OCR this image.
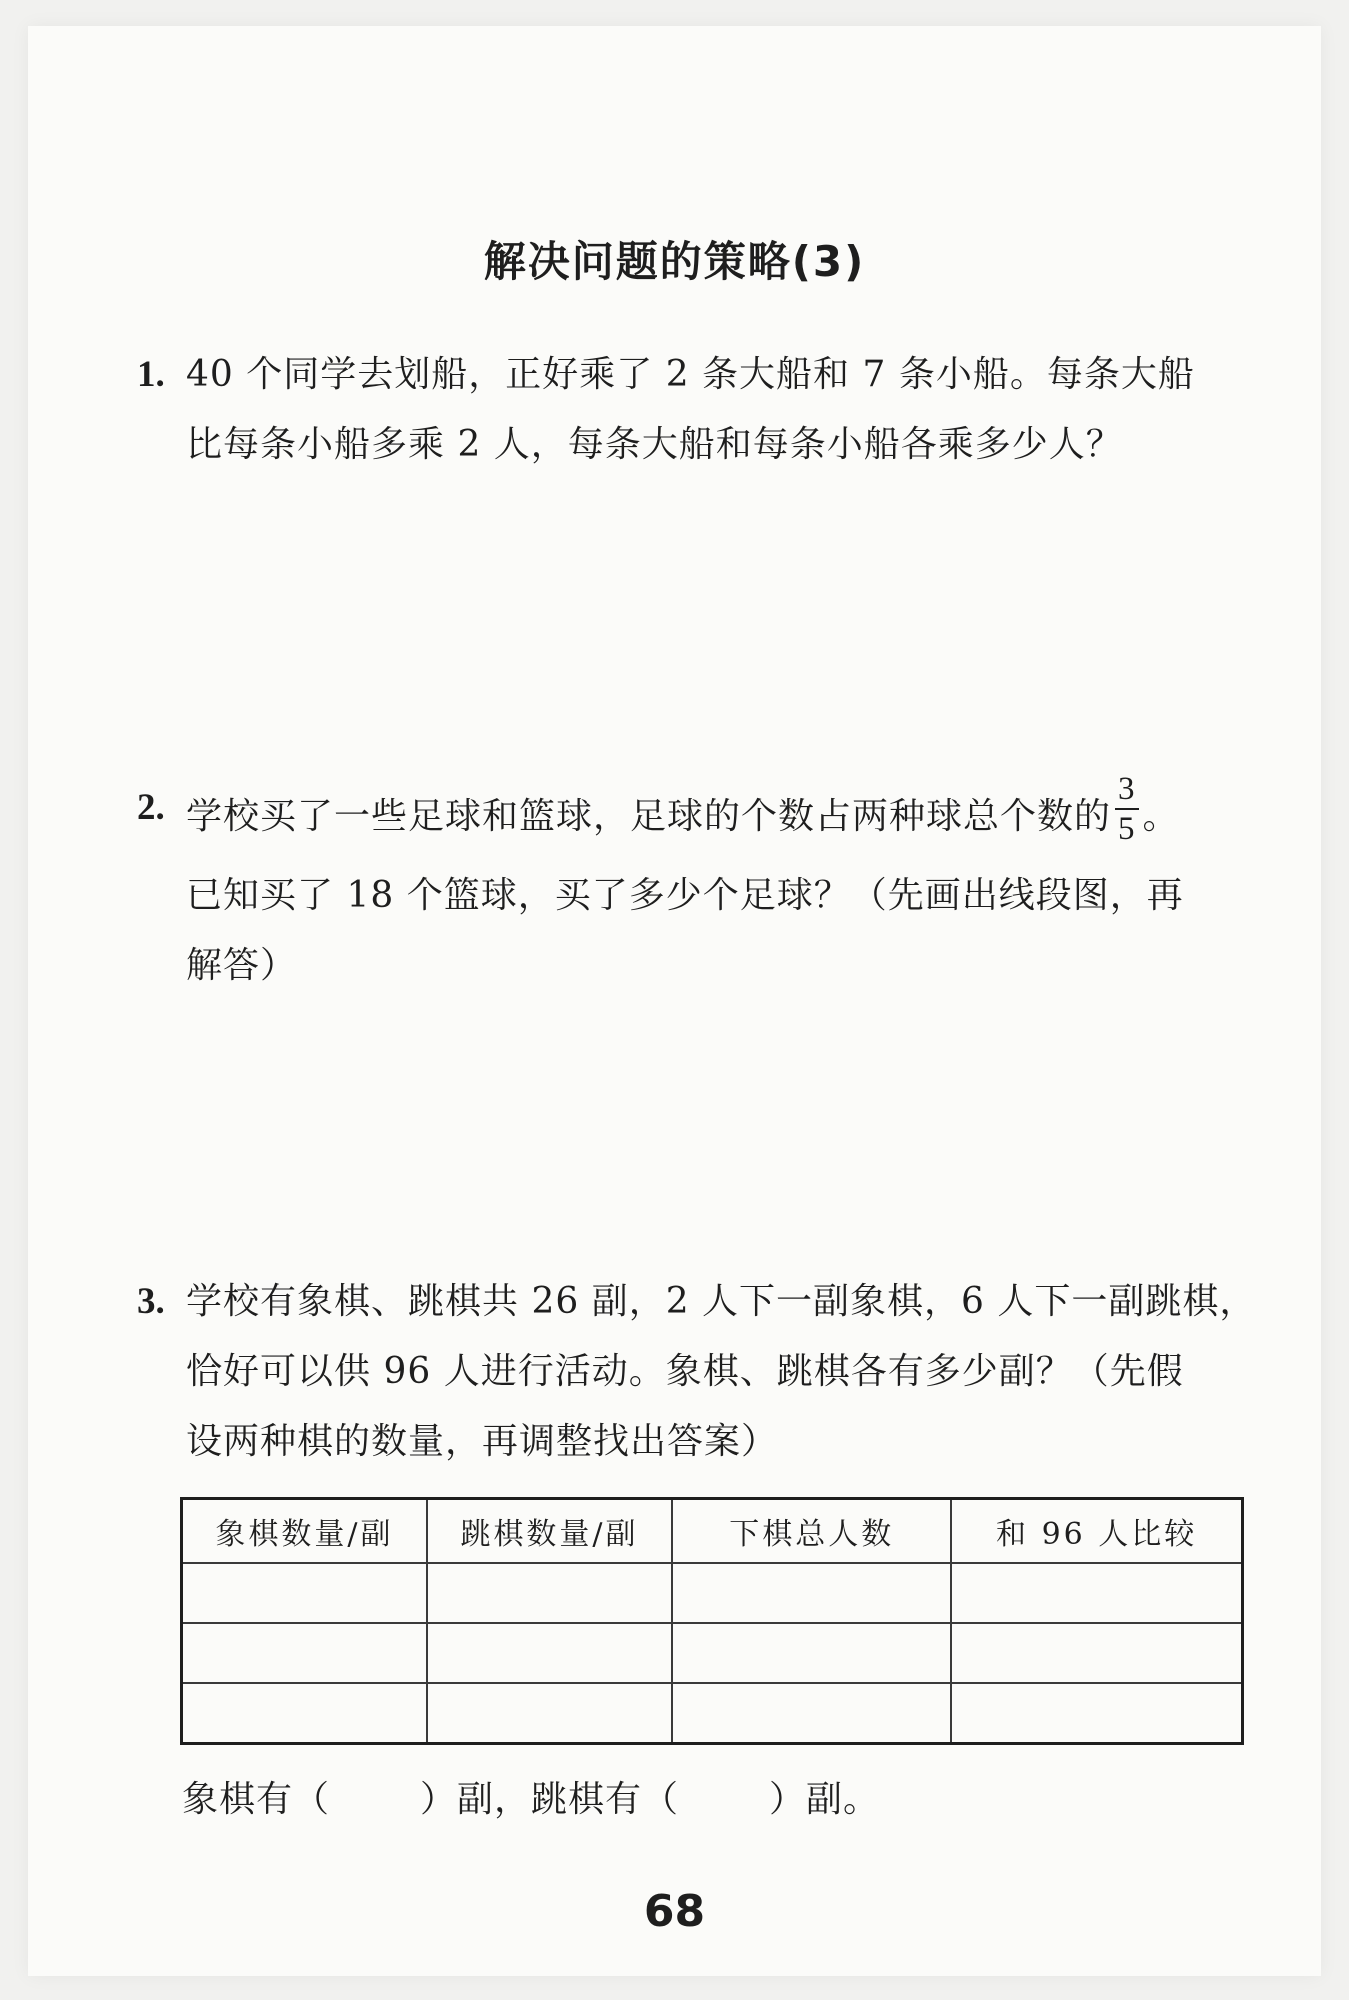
解决问题的策略(3)
1. 40 个同学去划船，正好乘了 2 条大船和 7 条小船。每条大船
比每条小船多乘 2 人，每条大船和每条小船各乘多少人？
2. 学校买了一些足球和篮球，足球的个数占两种球总个数的 $\frac{3}{5}$ 。
已知买了 18 个篮球，买了多少个足球？（先画出线段图，再
解答）
3. 学校有象棋、跳棋共 26 副，2 人下一副象棋，6 人下一副跳棋，
恰好可以供 96 人进行活动。象棋、跳棋各有多少副？（先假
设两种棋的数量，再调整找出答案）
象棋数量/副	跳棋数量/副	下棋总人数	和 96 人比较

象棋有（	）副，跳棋有（	）副。
68
